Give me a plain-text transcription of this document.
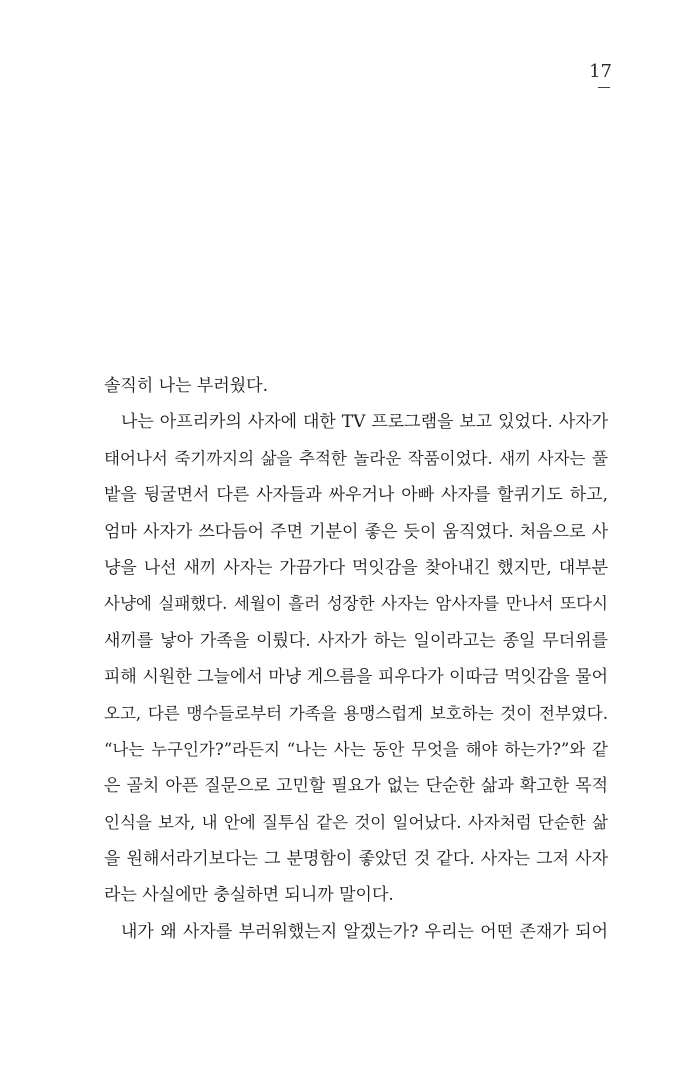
17
솔직히 나는 부러웠다.
나는 아프리카의 사자에 대한 TV 프로그램을 보고 있었다. 사자가
태어나서 죽기까지의 삶을 추적한 놀라운 작품이었다. 새끼 사자는 풀
밭을 뒹굴면서 다른 사자들과 싸우거나 아빠 사자를 할퀴기도 하고,
엄마 사자가 쓰다듬어 주면 기분이 좋은 듯이 움직였다. 처음으로 사
냥을 나선 새끼 사자는 가끔가다 먹잇감을 찾아내긴 했지만, 대부분
사냥에 실패했다. 세월이 흘러 성장한 사자는 암사자를 만나서 또다시
새끼를 낳아 가족을 이뤘다. 사자가 하는 일이라고는 종일 무더위를
피해 시원한 그늘에서 마냥 게으름을 피우다가 이따금 먹잇감을 물어
오고, 다른 맹수들로부터 가족을 용맹스럽게 보호하는 것이 전부였다.
“나는 누구인가?”라든지 “나는 사는 동안 무엇을 해야 하는가?”와 같
은 골치 아픈 질문으로 고민할 필요가 없는 단순한 삶과 확고한 목적
인식을 보자, 내 안에 질투심 같은 것이 일어났다. 사자처럼 단순한 삶
을 원해서라기보다는 그 분명함이 좋았던 것 같다. 사자는 그저 사자
라는 사실에만 충실하면 되니까 말이다.
내가 왜 사자를 부러워했는지 알겠는가? 우리는 어떤 존재가 되어
